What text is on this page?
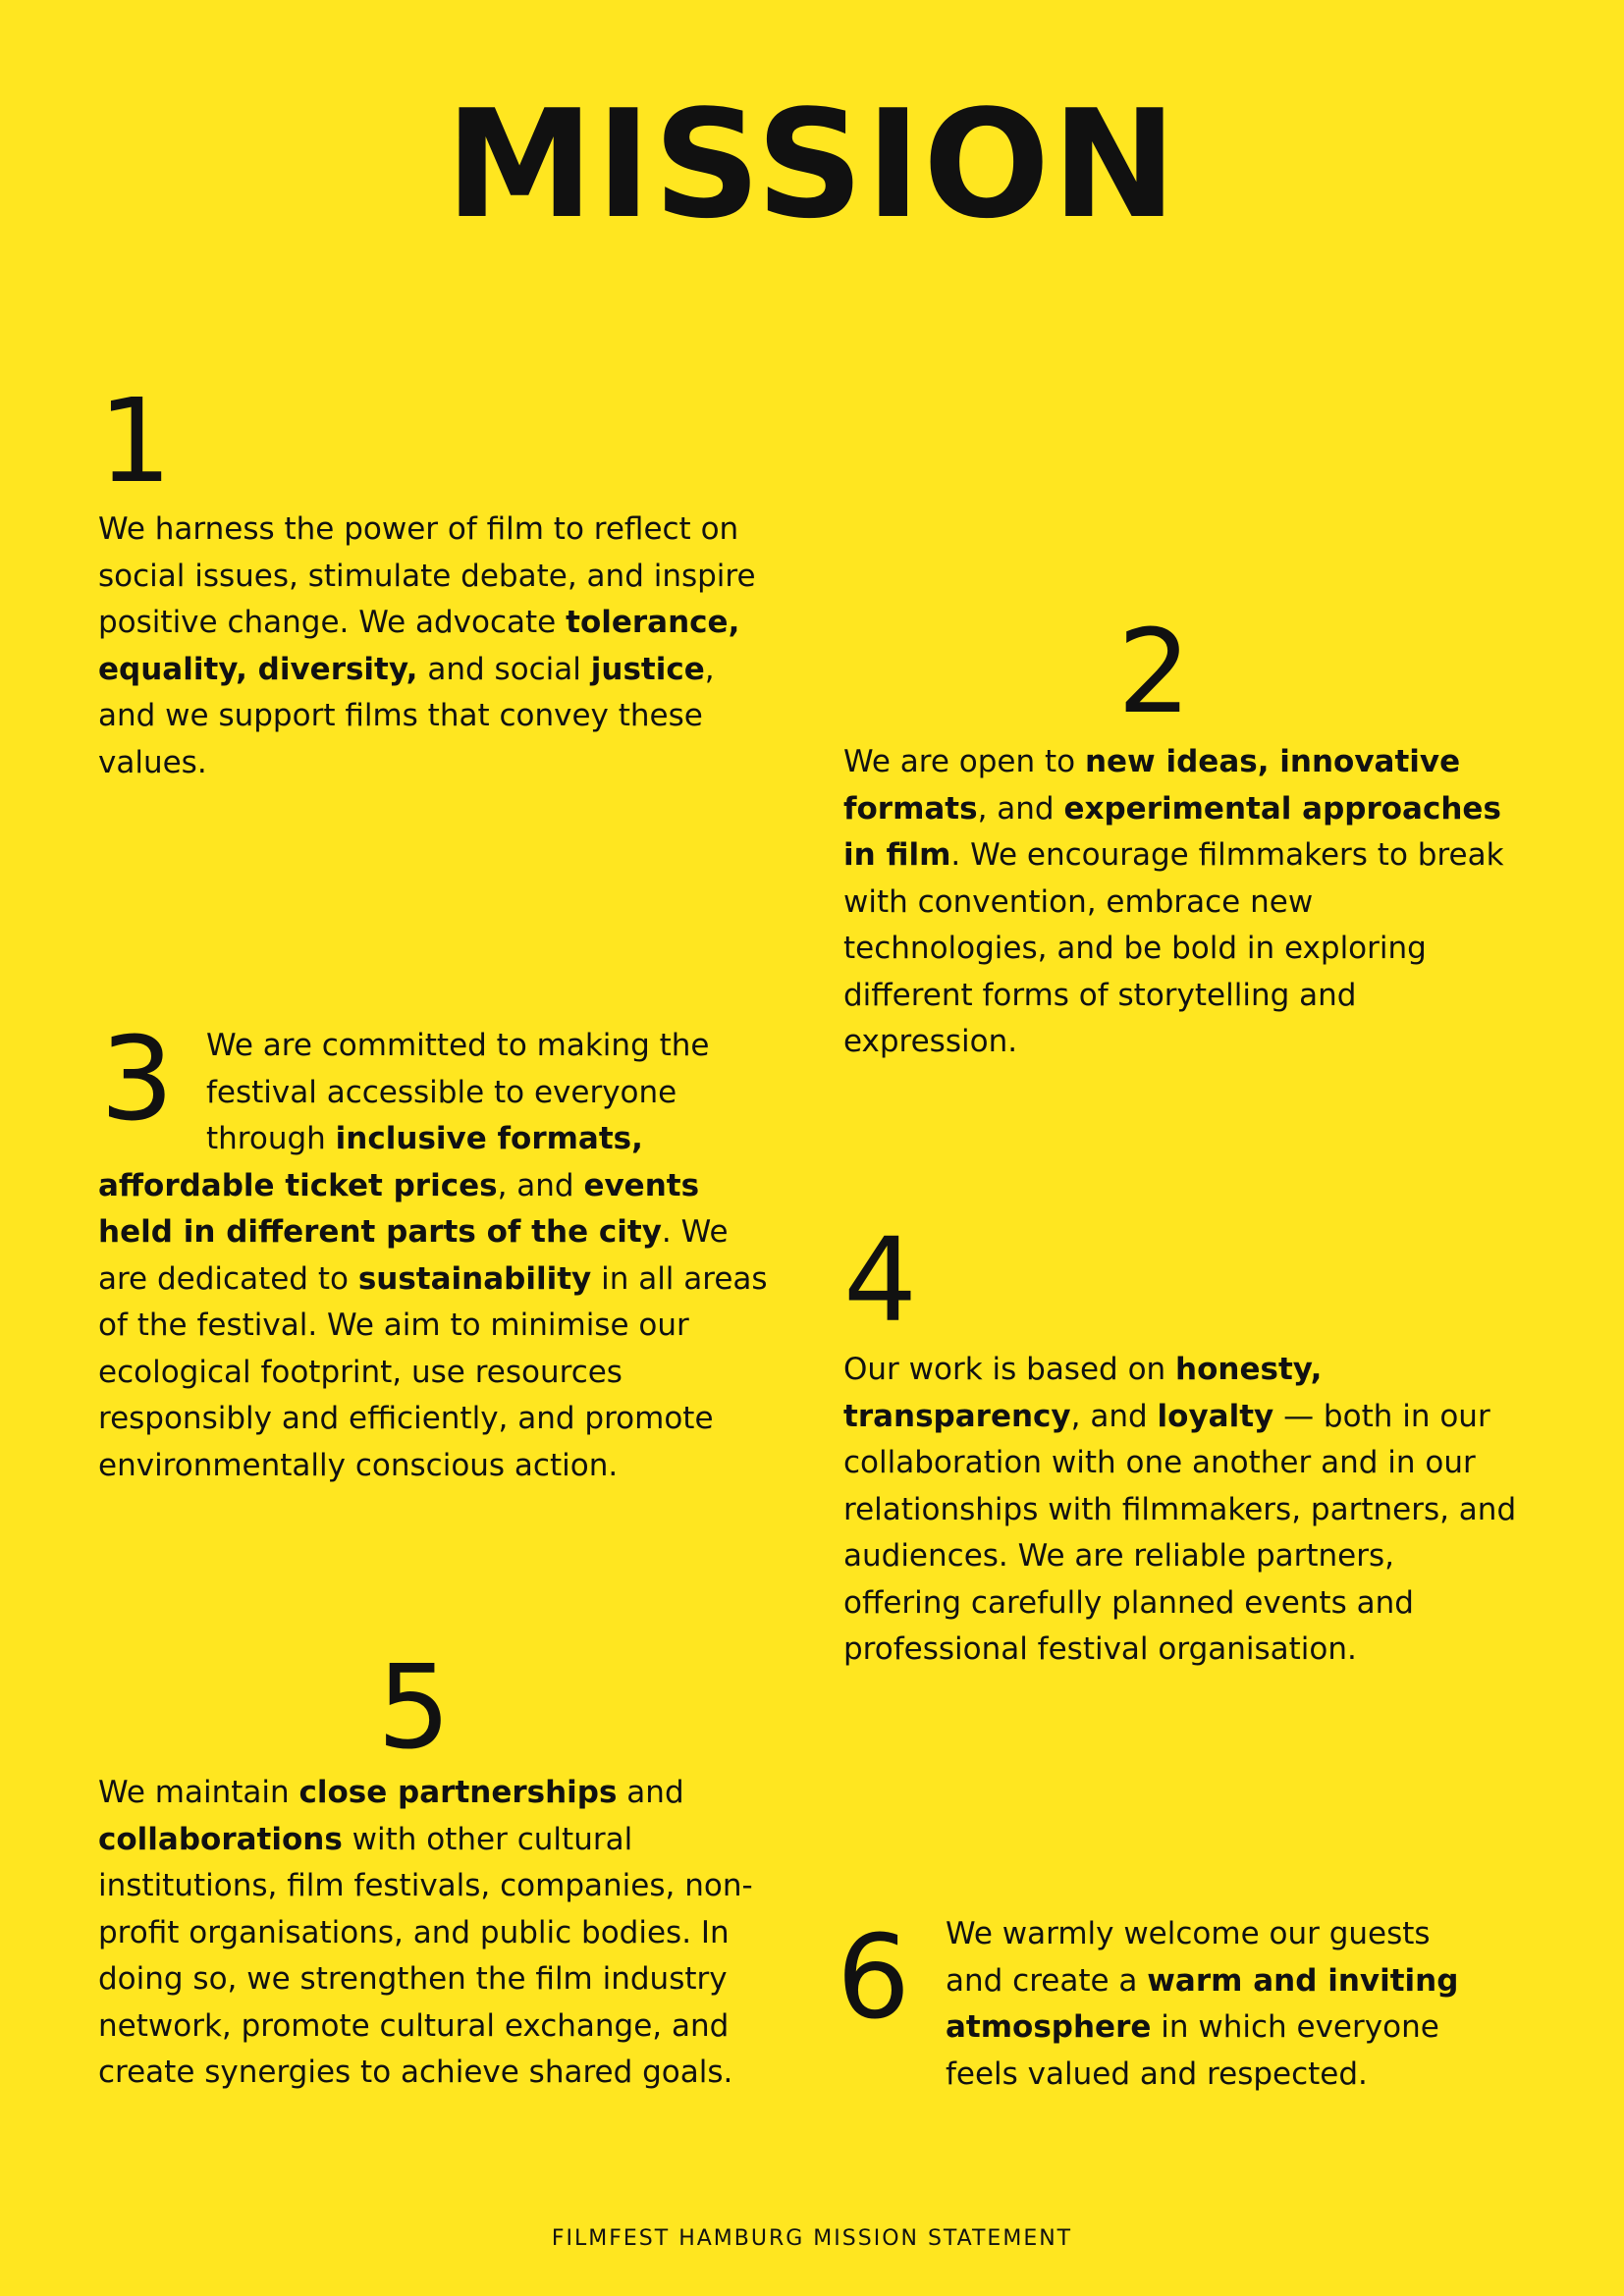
MISSION
1
We harness the power of film to reflect on social issues, stimulate debate, and inspire positive change. We advocate tolerance, equality, diversity, and social justice, and we support films that convey these values.
2
We are open to new ideas, innovative formats, and experimental approaches in film. We encourage filmmakers to break with convention, embrace new technologies, and be bold in exploring different forms of storytelling and expression.
3	We are committed to making the festival accessible to everyone through inclusive formats, affordable ticket prices, and events held in different parts of the city. We are dedicated to sustainability in all areas of the festival. We aim to minimise our ecological footprint, use resources responsibly and efficiently, and promote environmentally conscious action.
4
Our work is based on honesty, transparency, and loyalty — both in our collaboration with one another and in our relationships with filmmakers, partners, and audiences. We are reliable partners, offering carefully planned events and professional festival organisation.
5
We maintain close partnerships and collaborations with other cultural institutions, film festivals, companies, non-profit organisations, and public bodies. In doing so, we strengthen the film industry network, promote cultural exchange, and create synergies to achieve shared goals.
6 We warmly welcome our guests and create a warm and inviting atmosphere in which everyone feels valued and respected.
FILMFEST HAMBURG MISSION STATEMENT
